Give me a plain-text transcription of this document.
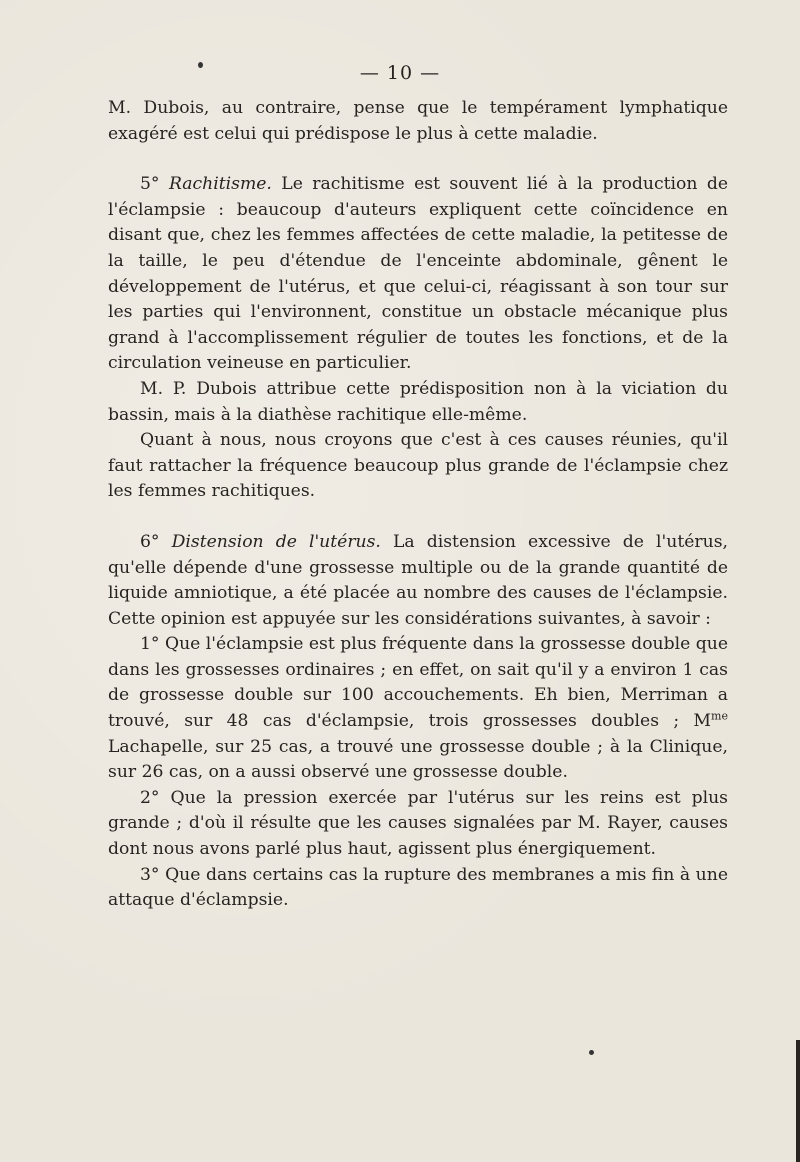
— 10 —

M. Dubois, au contraire, pense que le tempérament lymphatique exagéré est celui qui prédispose le plus à cette maladie.

5° Rachitisme. Le rachitisme est souvent lié à la production de l'éclampsie : beaucoup d'auteurs expliquent cette coïncidence en disant que, chez les femmes affectées de cette maladie, la petitesse de la taille, le peu d'étendue de l'enceinte abdominale, gênent le développement de l'utérus, et que celui-ci, réagissant à son tour sur les parties qui l'environnent, constitue un obstacle mécanique plus grand à l'accomplissement régulier de toutes les fonctions, et de la circulation veineuse en particulier.

M. P. Dubois attribue cette prédisposition non à la viciation du bassin, mais à la diathèse rachitique elle-même.

Quant à nous, nous croyons que c'est à ces causes réunies, qu'il faut rattacher la fréquence beaucoup plus grande de l'éclampsie chez les femmes rachitiques.

6° Distension de l'utérus. La distension excessive de l'utérus, qu'elle dépende d'une grossesse multiple ou de la grande quantité de liquide amniotique, a été placée au nombre des causes de l'éclampsie. Cette opinion est appuyée sur les considérations suivantes, à savoir :

1° Que l'éclampsie est plus fréquente dans la grossesse double que dans les grossesses ordinaires ; en effet, on sait qu'il y a environ 1 cas de grossesse double sur 100 accouchements. Eh bien, Merriman a trouvé, sur 48 cas d'éclampsie, trois grossesses doubles ; $M^{me}$ Lachapelle, sur 25 cas, a trouvé une grossesse double ; à la Clinique, sur 26 cas, on a aussi observé une grossesse double.

2° Que la pression exercée par l'utérus sur les reins est plus grande ; d'où il résulte que les causes signalées par M. Rayer, causes dont nous avons parlé plus haut, agissent plus énergiquement.

3° Que dans certains cas la rupture des membranes a mis fin à une attaque d'éclampsie.
